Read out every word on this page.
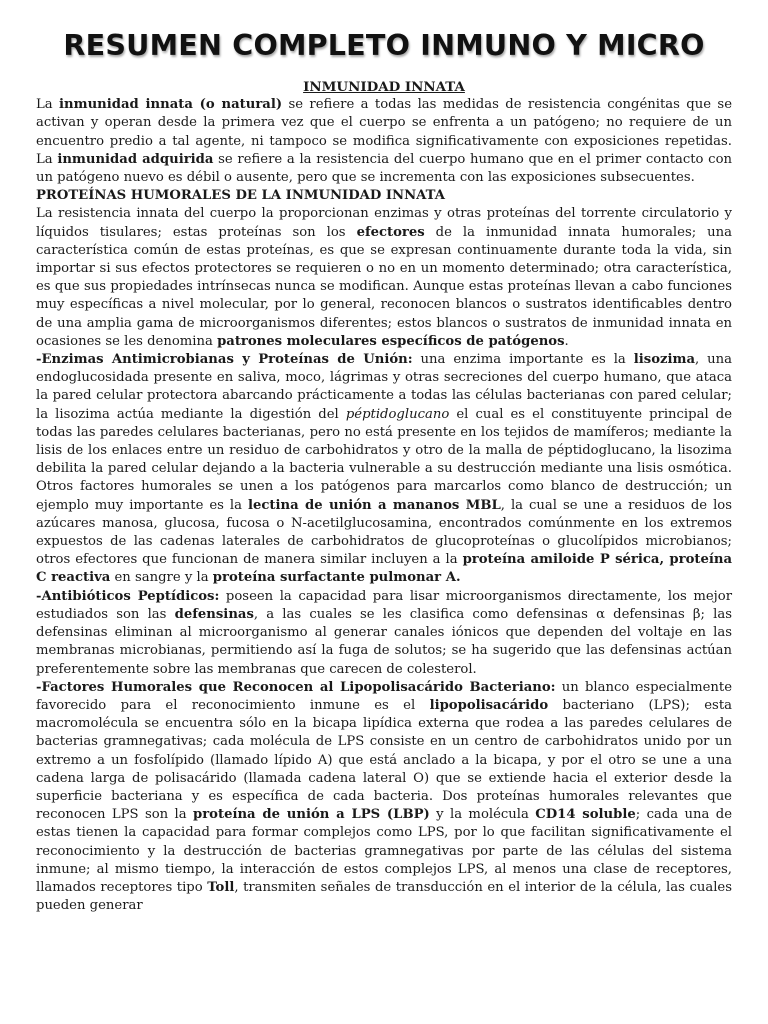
RESUMEN COMPLETO INMUNO Y MICRO
INMUNIDAD INNATA

La inmunidad innata (o natural) se refiere a todas las medidas de resistencia congénitas que se activan y operan desde la primera vez que el cuerpo se enfrenta a un patógeno; no requiere de un encuentro predio a tal agente, ni tampoco se modifica significativamente con exposiciones repetidas. La inmunidad adquirida se refiere a la resistencia del cuerpo humano que en el primer contacto con un patógeno nuevo es débil o ausente, pero que se incrementa con las exposiciones subsecuentes.

PROTEÍNAS HUMORALES DE LA INMUNIDAD INNATA

La resistencia innata del cuerpo la proporcionan enzimas y otras proteínas del torrente circulatorio y líquidos tisulares; estas proteínas son los efectores de la inmunidad innata humorales; una característica común de estas proteínas, es que se expresan continuamente durante toda la vida, sin importar si sus efectos protectores se requieren o no en un momento determinado; otra característica, es que sus propiedades intrínsecas nunca se modifican. Aunque estas proteínas llevan a cabo funciones muy específicas a nivel molecular, por lo general, reconocen blancos o sustratos identificables dentro de una amplia gama de microorganismos diferentes; estos blancos o sustratos de inmunidad innata en ocasiones se les denomina patrones moleculares específicos de patógenos.

-Enzimas Antimicrobianas y Proteínas de Unión: una enzima importante es la lisozima, una endoglucosidada presente en saliva, moco, lágrimas y otras secreciones del cuerpo humano, que ataca la pared celular protectora abarcando prácticamente a todas las células bacterianas con pared celular; la lisozima actúa mediante la digestión del péptidoglucano el cual es el constituyente principal de todas las paredes celulares bacterianas, pero no está presente en los tejidos de mamíferos; mediante la lisis de los enlaces entre un residuo de carbohidratos y otro de la malla de péptidoglucano, la lisozima debilita la pared celular dejando a la bacteria vulnerable a su destrucción mediante una lisis osmótica. Otros factores humorales se unen a los patógenos para marcarlos como blanco de destrucción; un ejemplo muy importante es la lectina de unión a mananos MBL, la cual se une a residuos de los azúcares manosa, glucosa, fucosa o N-acetilglucosamina, encontrados comúnmente en los extremos expuestos de las cadenas laterales de carbohidratos de glucoproteínas o glucolípidos microbianos; otros efectores que funcionan de manera similar incluyen a la proteína amiloide P sérica, proteína C reactiva en sangre y la proteína surfactante pulmonar A.

-Antibióticos Peptídicos: poseen la capacidad para lisar microorganismos directamente, los mejor estudiados son las defensinas, a las cuales se les clasifica como defensinas α defensinas β; las defensinas eliminan al microorganismo al generar canales iónicos que dependen del voltaje en las membranas microbianas, permitiendo así la fuga de solutos; se ha sugerido que las defensinas actúan preferentemente sobre las membranas que carecen de colesterol.

-Factores Humorales que Reconocen al Lipopolisacárido Bacteriano: un blanco especialmente favorecido para el reconocimiento inmune es el lipopolisacárido bacteriano (LPS); esta macromolécula se encuentra sólo en la bicapa lipídica externa que rodea a las paredes celulares de bacterias gramnegativas; cada molécula de LPS consiste en un centro de carbohidratos unido por un extremo a un fosfolípido (llamado lípido A) que está anclado a la bicapa, y por el otro se une a una cadena larga de polisacárido (llamada cadena lateral O) que se extiende hacia el exterior desde la superficie bacteriana y es específica de cada bacteria. Dos proteínas humorales relevantes que reconocen LPS son la proteína de unión a LPS (LBP) y la molécula CD14 soluble; cada una de estas tienen la capacidad para formar complejos como LPS, por lo que facilitan significativamente el reconocimiento y la destrucción de bacterias gramnegativas por parte de las células del sistema inmune; al mismo tiempo, la interacción de estos complejos LPS, al menos una clase de receptores, llamados receptores tipo Toll, transmiten señales de transducción en el interior de la célula, las cuales pueden generar
